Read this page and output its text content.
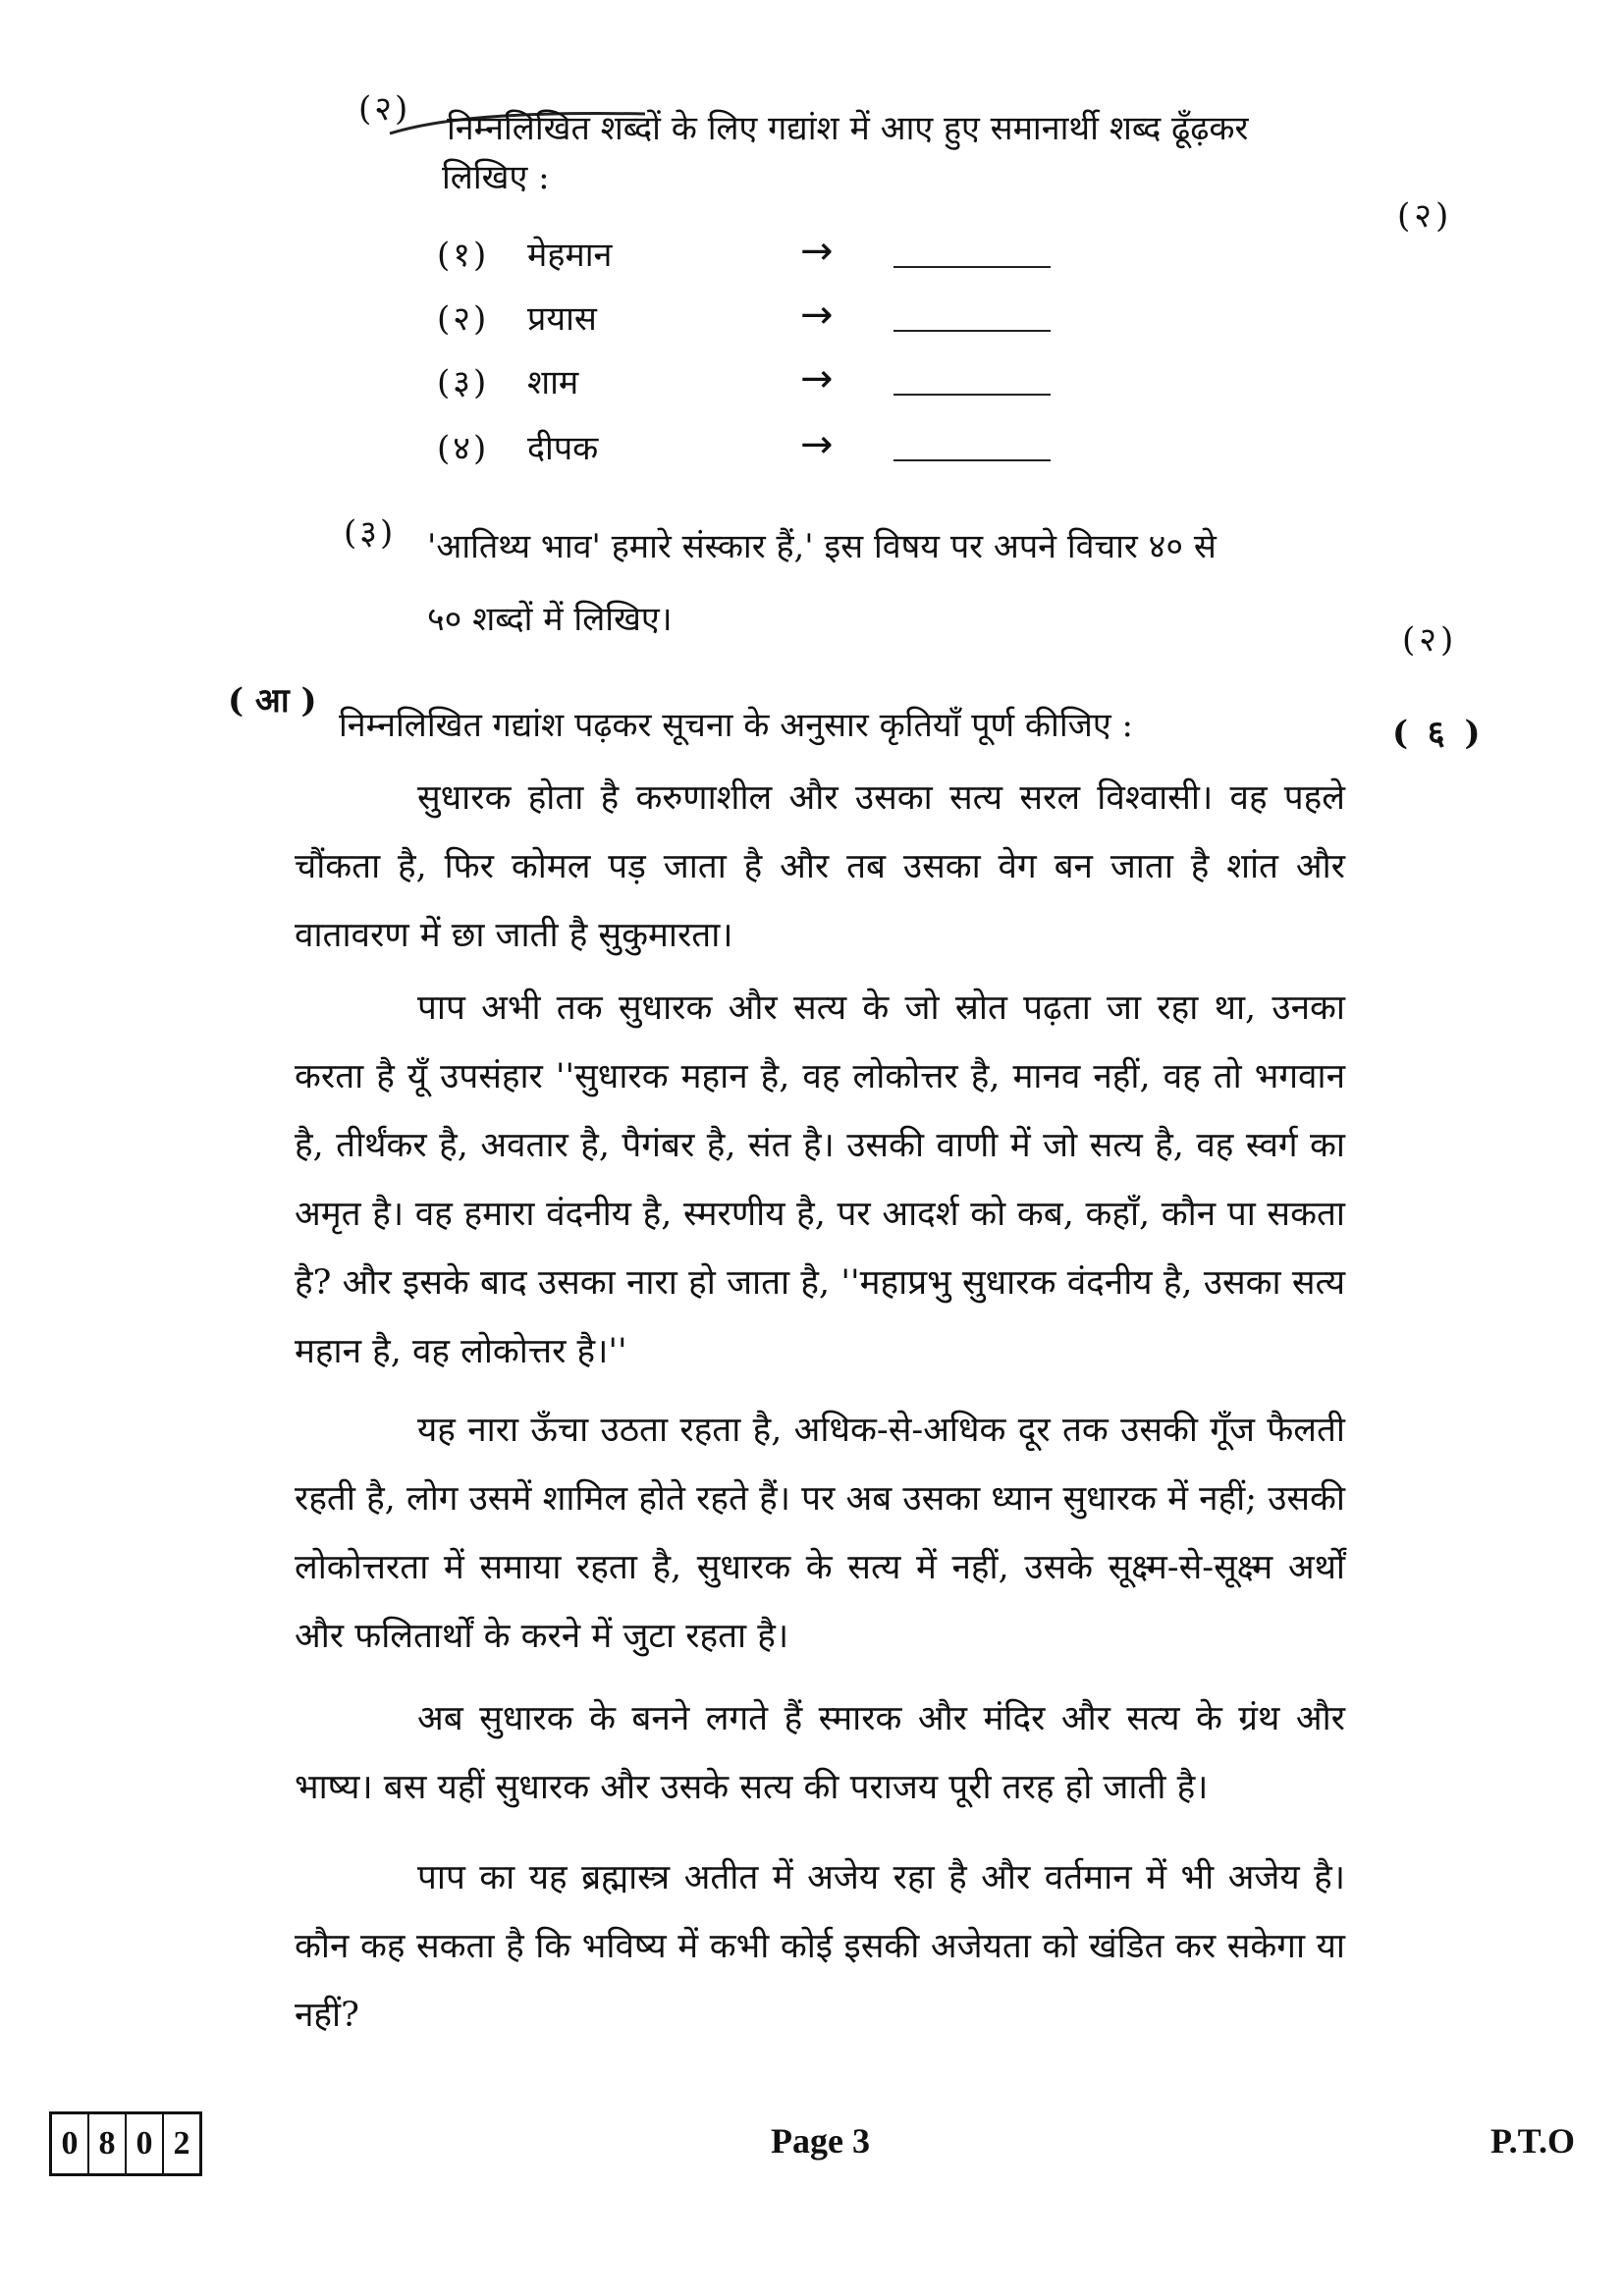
(२) निम्नलिखित शब्दों के लिए गद्यांश में आए हुए समानार्थी शब्द ढूँढ़कर
लिखिए :
(२)
(१) मेहमान	→
(२) प्रयास	→
(३) शाम	→
(४) दीपक	→
(३) 'आतिथ्य भाव' हमारे संस्कार हैं,' इस विषय पर अपने विचार ४० से
५० शब्दों में लिखिए।
(२)
( आ )
निम्नलिखित गद्यांश पढ़कर सूचना के अनुसार कृतियाँ पूर्ण कीजिए :	( ६ )

सुधारक होता है करुणाशील और उसका सत्य सरल विश्वासी। वह पहले चौंकता है, फिर कोमल पड़ जाता है और तब उसका वेग बन जाता है शांत और वातावरण में छा जाती है सुकुमारता।

पाप अभी तक सुधारक और सत्य के जो स्रोत पढ़ता जा रहा था, उनका करता है यूँ उपसंहार ''सुधारक महान है, वह लोकोत्तर है, मानव नहीं, वह तो भगवान है, तीर्थंकर है, अवतार है, पैगंबर है, संत है। उसकी वाणी में जो सत्य है, वह स्वर्ग का अमृत है। वह हमारा वंदनीय है, स्मरणीय है, पर आदर्श को कब, कहाँ, कौन पा सकता है? और इसके बाद उसका नारा हो जाता है, ''महाप्रभु सुधारक वंदनीय है, उसका सत्य महान है, वह लोकोत्तर है।''

यह नारा ऊँचा उठता रहता है, अधिक-से-अधिक दूर तक उसकी गूँज फैलती रहती है, लोग उसमें शामिल होते रहते हैं। पर अब उसका ध्यान सुधारक में नहीं; उसकी लोकोत्तरता में समाया रहता है, सुधारक के सत्य में नहीं, उसके सूक्ष्म-से-सूक्ष्म अर्थों और फलितार्थों के करने में जुटा रहता है।

अब सुधारक के बनने लगते हैं स्मारक और मंदिर और सत्य के ग्रंथ और भाष्य। बस यहीं सुधारक और उसके सत्य की पराजय पूरी तरह हो जाती है।

पाप का यह ब्रह्मास्त्र अतीत में अजेय रहा है और वर्तमान में भी अजेय है। कौन कह सकता है कि भविष्य में कभी कोई इसकी अजेयता को खंडित कर सकेगा या नहीं?

0 8 0 2	Page 3	P.T.O
